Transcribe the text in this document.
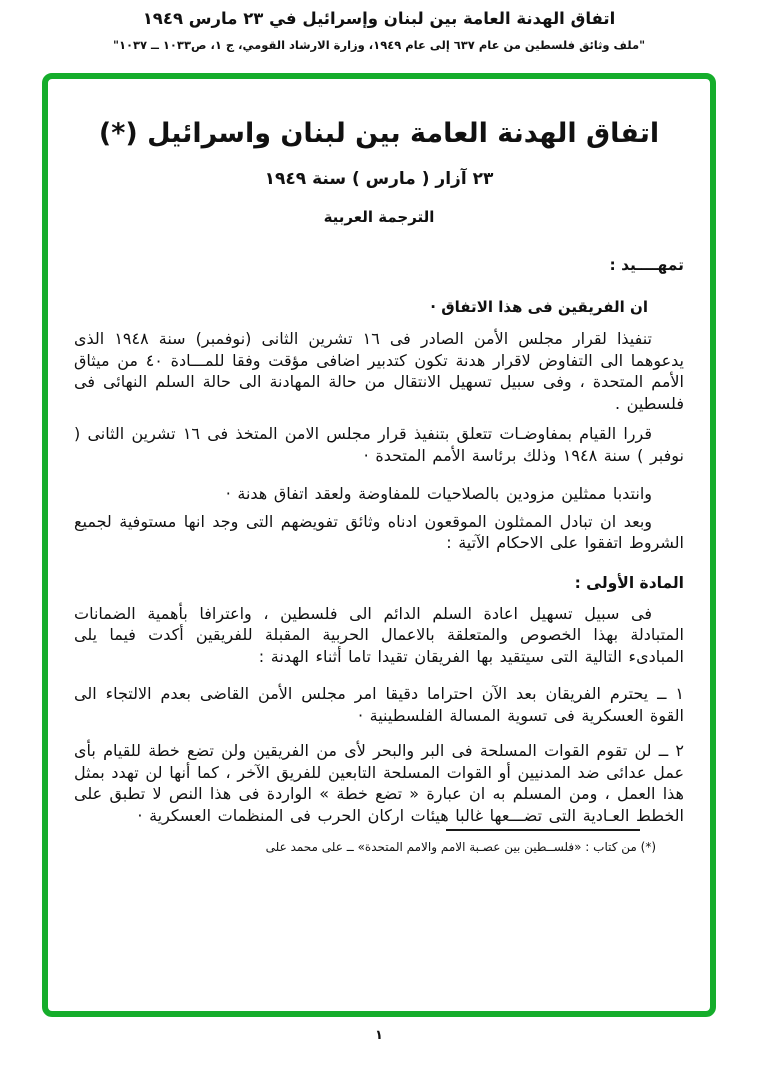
اتفاق الهدنة العامة بين لبنان وإسرائيل في ٢٣ مارس ١٩٤٩
"ملف وثائق فلسطين من عام ٦٣٧ إلى عام ١٩٤٩، وزارة الارشاد القومي، ج ١، ص١٠٣٣ ــ ١٠٣٧"
اتفاق الهدنة العامة بين لبنان واسرائيل (*)
٢٣ آزار ( مارس ) سنة ١٩٤٩
الترجمة العربية
تمهــــيد :
ان الفريقين فى هذا الاتفاق ·

تنفيذا لقرار مجلس الأمن الصادر فى ١٦ تشرين الثانى (نوفمبر) سنة ١٩٤٨ الذى يدعوهما الى التفاوض لاقرار هدنة تكون كتدبير اضافى مؤقت وفقا للمـــادة ٤٠ من ميثاق الأمم المتحدة ، وفى سبيل تسهيل الانتقال من حالة المهادنة الى حالة السلم النهائى فى فلسطين .

قررا القيام بمفاوضـات تتعلق بتنفيذ قرار مجلس الامن المتخذ فى ١٦ تشرين الثانى ( نوفبر ) سنة ١٩٤٨ وذلك برئاسة الأمم المتحدة ·

وانتدبا ممثلين مزودين بالصلاحيات للمفاوضة ولعقد اتفاق هدنة ·

وبعد ان تبادل الممثلون الموقعون ادناه وثائق تفويضهم التى وجد انها مستوفية لجميع الشروط اتفقوا على الاحكام الآتية :

المادة الأولى :

فى سبيل تسهيل اعادة السلم الدائم الى فلسطين ، واعترافا بأهمية الضمانات المتبادلة بهذا الخصوص والمتعلقة بالاعمال الحربية المقبلة للفريقين أكدت فيما يلى المبادىء التالية التى سيتقيد بها الفريقان تقيدا تاما أثناء الهدنة :

١ ــ يحترم الفريقان بعد الآن احتراما دقيقا امر مجلس الأمن القاضى بعدم الالتجاء الى القوة العسكرية فى تسوية المسالة الفلسطينية ·

٢ ــ لن تقوم القوات المسلحة فى البر والبحر لأى من الفريقين ولن تضع خطة للقيام بأى عمل عدائى ضد المدنيين أو القوات المسلحة التابعين للفريق الآخر ، كما أنها لن تهدد بمثل هذا العمل ، ومن المسلم به ان عبارة « تضع خطة » الواردة فى هذا النص لا تطبق على الخطط العـادية التى تضـــعها غالبا هيئات اركان الحرب فى المنظمات العسكرية ·

(*) من كتاب : «فلســطين بين عصـبة الامم والامم المتحدة» ــ على محمد على
١
